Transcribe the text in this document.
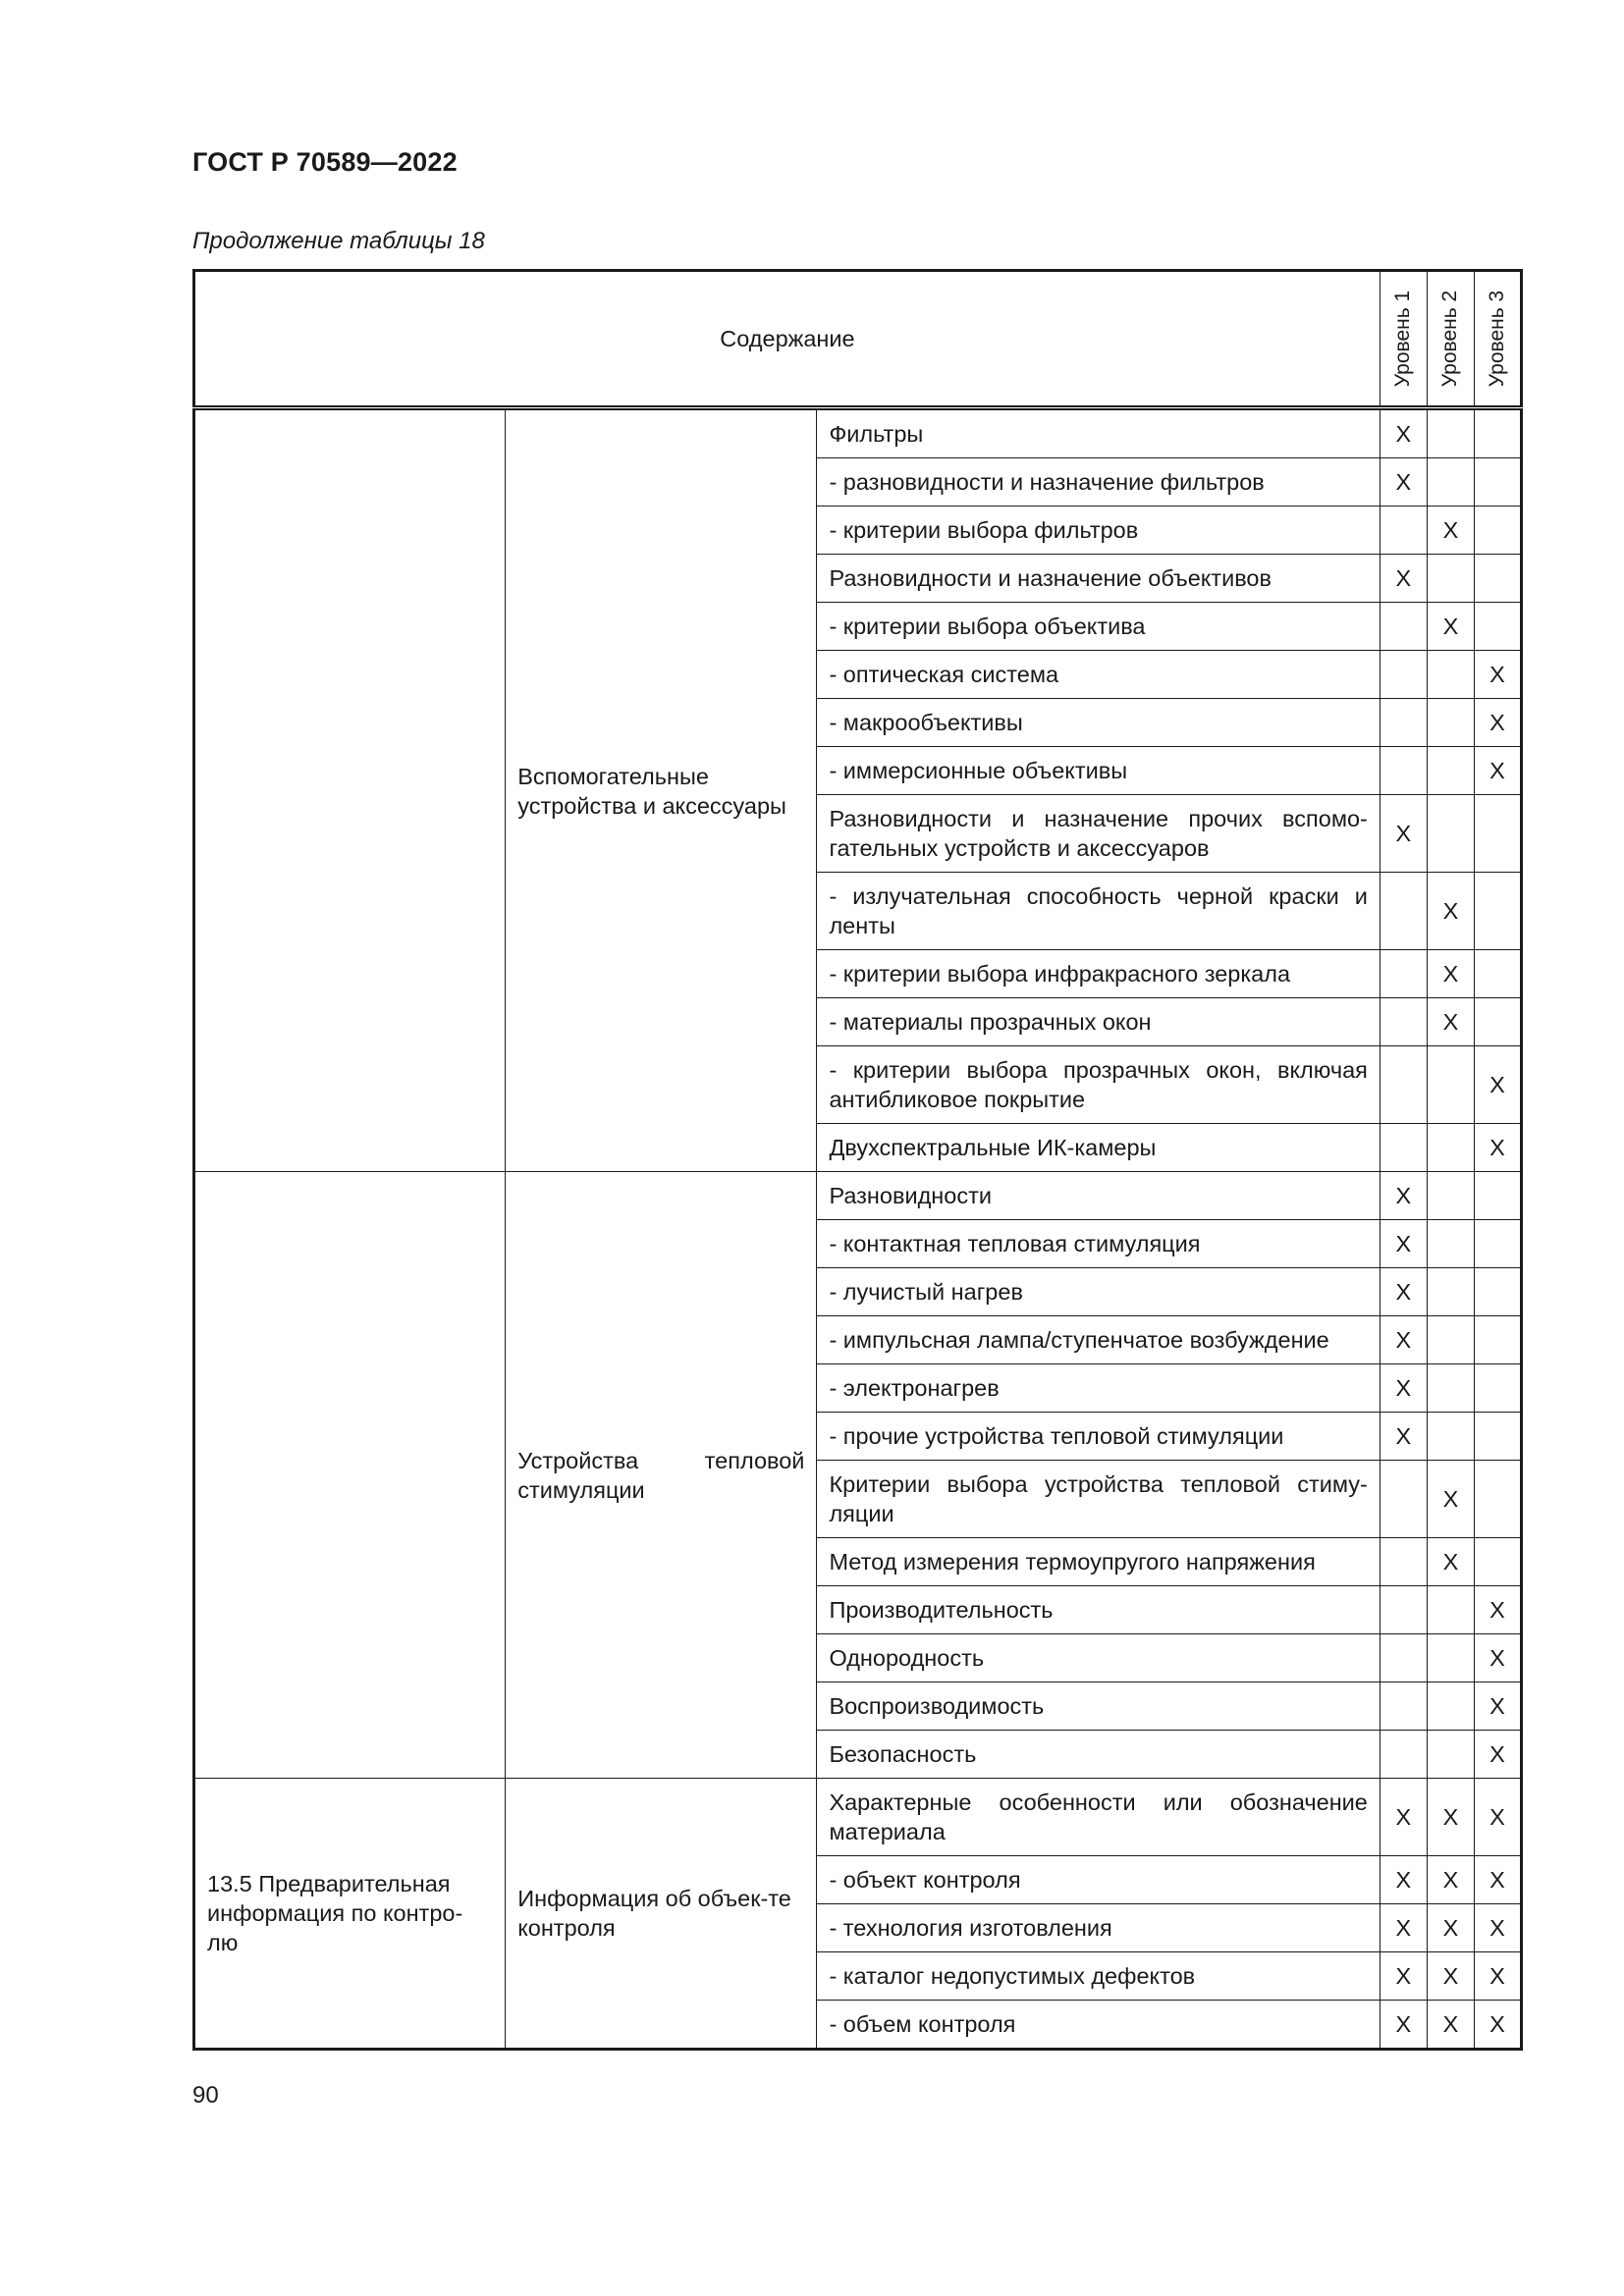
ГОСТ Р 70589—2022
Продолжение таблицы 18
Содержание			Уровень 1	Уровень 2	Уровень 3

	Вспомогательные устройства и аксессуары	Фильтры	X		
		- разновидности и назначение фильтров	X		
		- критерии выбора фильтров		X	
		Разновидности и назначение объективов	X		
		- критерии выбора объектива		X	
		- оптическая система			X
		- макрообъективы			X
		- иммерсионные объективы			X
		Разновидности и назначение прочих вспомо-гательных устройств и аксессуаров	X		
		- излучательная способность черной краски и ленты		X	
		- критерии выбора инфракрасного зеркала		X	
		- материалы прозрачных окон		X	
		- критерии выбора прозрачных окон, включая антибликовое покрытие			X
		Двухспектральные ИК-камеры			X
	Устройства тепловой стимуляции	Разновидности	X		
		- контактная тепловая стимуляция	X		
		- лучистый нагрев	X		
		- импульсная лампа/ступенчатое возбуждение	X		
		- электронагрев	X		
		- прочие устройства тепловой стимуляции	X		
		Критерии выбора устройства тепловой стиму-ляции		X	
		Метод измерения термоупругого напряжения		X	
		Производительность			X
		Однородность			X
		Воспроизводимость			X
		Безопасность			X
13.5 Предварительная информация по контро-лю	Информация об объек-те контроля	Характерные особенности или обозначение материала	X	X	X
		- объект контроля	X	X	X
		- технология изготовления	X	X	X
		- каталог недопустимых дефектов	X	X	X
		- объем контроля	X	X	X
90
